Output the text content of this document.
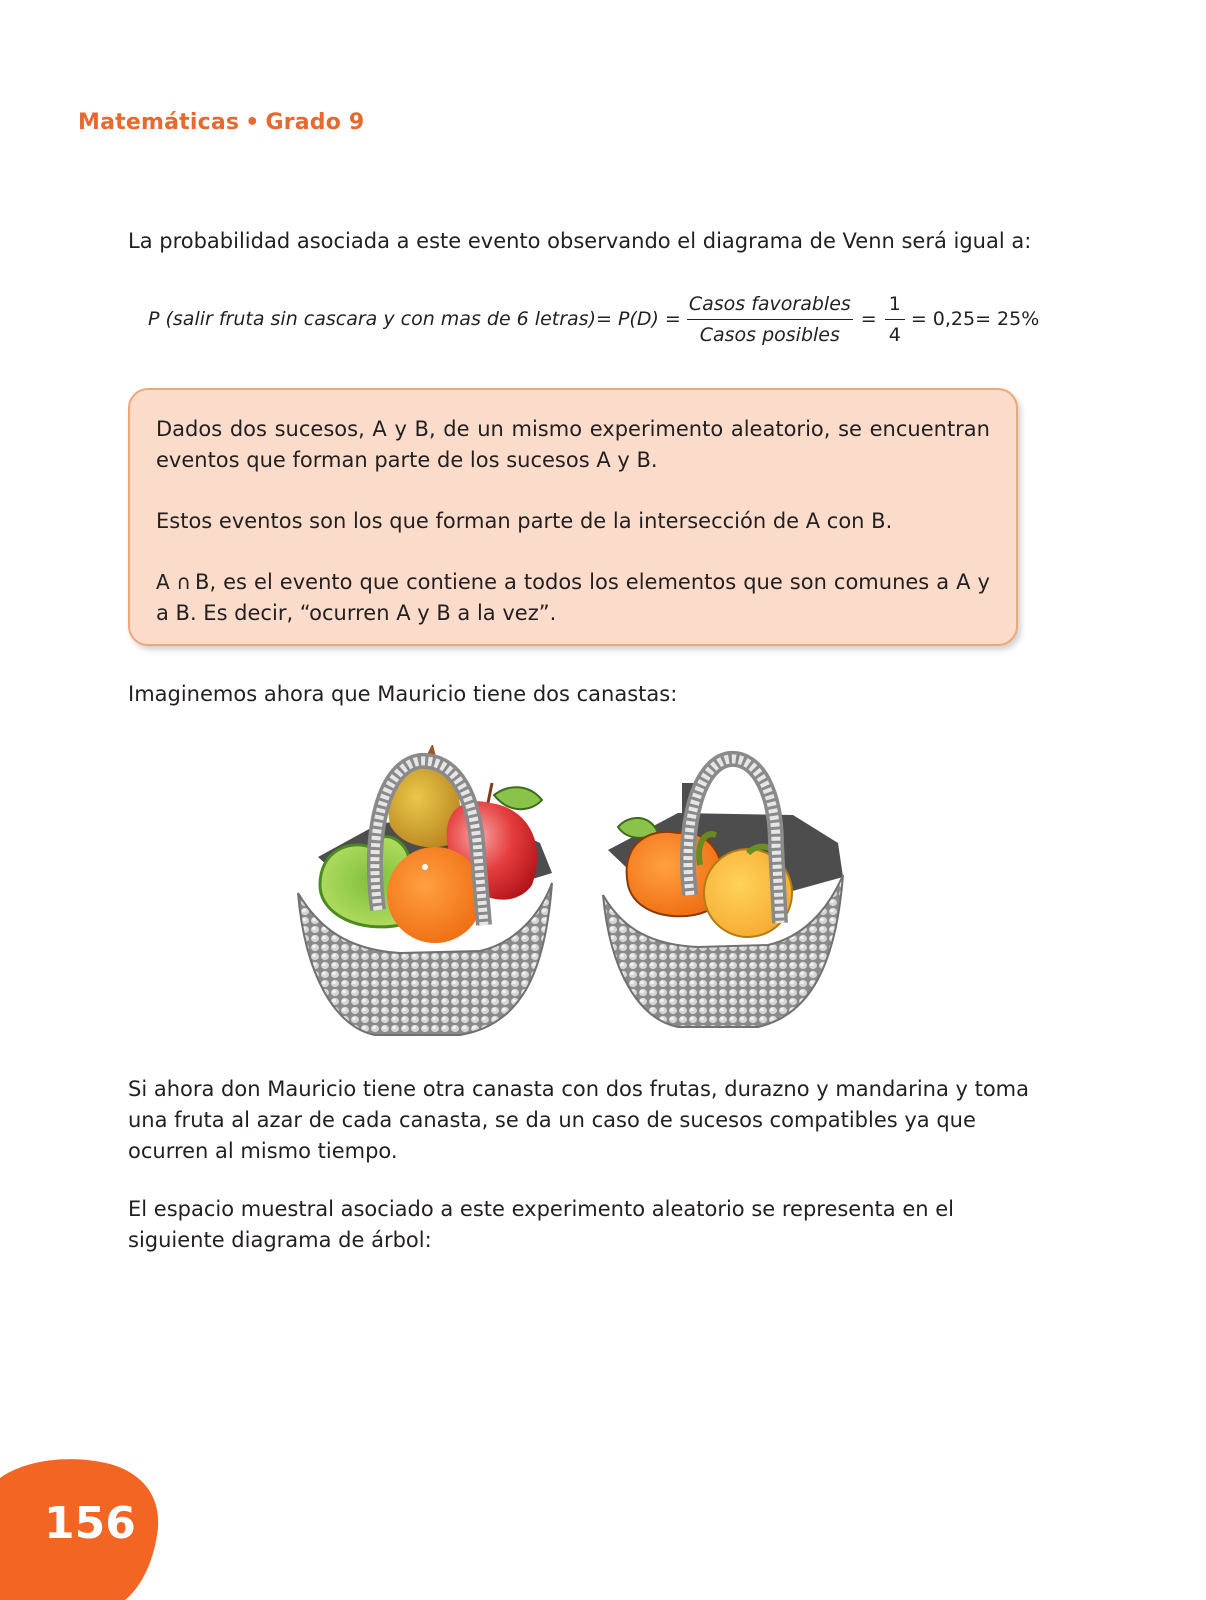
Matemáticas • Grado 9

La probabilidad asociada a este evento observando el diagrama de Venn será igual a:

P (salir fruta sin cascara y con mas de 6 letras)= $P(D) = \frac{\text{Casos favorables}}{\text{Casos posibles}} = \frac{1}{4} = 0,25= 25\%$

Dados dos sucesos, A y B, de un mismo experimento aleatorio, se encuentran eventos que forman parte de los sucesos A y B.

Estos eventos son los que forman parte de la intersección de A con B.

A ∩ B, es el evento que contiene a todos los elementos que son comunes a A y a B. Es decir, “ocurren A y B a la vez”.

Imaginemos ahora que Mauricio tiene dos canastas:

Si ahora don Mauricio tiene otra canasta con dos frutas, durazno y mandarina y toma una fruta al azar de cada canasta, se da un caso de sucesos compatibles ya que ocurren al mismo tiempo.

El espacio muestral asociado a este experimento aleatorio se representa en el siguiente diagrama de árbol:

156
